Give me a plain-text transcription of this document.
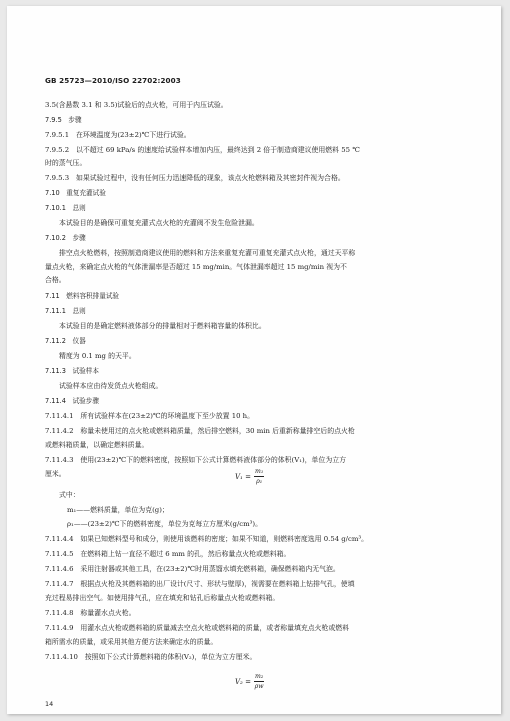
GB 25723—2010/ISO 22702:2003
3.5(含悬数 3.1 和 3.5)试验后的点火枪，可用于内压试验。
7.9.5　步骤
7.9.5.1　在环境温度为(23±2)℃下进行试验。
7.9.5.2　以不超过 69 kPa/s 的速度给试验样本增加内压，最终达到 2 倍于制造商建议使用燃料 55 ℃
时的蒸气压。
7.9.5.3　如果试验过程中，没有任何压力迅速降低的现象，该点火枪燃料箱及其密封件视为合格。
7.10　重复充灌试验
7.10.1　总则
本试验目的是确保可重复充灌式点火枪的充灌阀不发生危险泄漏。
7.10.2　步骤
排空点火枪燃料，按照制造商建议使用的燃料和方法来重复充灌可重复充灌式点火枪，通过天平称
量点火枪，来确定点火枪的气体泄漏率是否超过 15 mg/min。气体泄漏率超过 15 mg/min 视为不
合格。
7.11　燃料容积排量试验
7.11.1　总则
本试验目的是确定燃料液体部分的排量相对于燃料箱容量的体积比。
7.11.2　仪器
精度为 0.1 mg 的天平。
7.11.3　试验样本
试验样本应由待发货点火枪组成。
7.11.4　试验步骤
7.11.4.1　所有试验样本在(23±2)℃的环境温度下至少放置 10 h。
7.11.4.2　称量未使用过的点火枪或燃料箱质量，然后排空燃料，30 min 后重新称量排空后的点火枪
或燃料箱质量，以确定燃料质量。
7.11.4.3　使用(23±2)℃下的燃料密度，按照如下公式计算燃料液体部分的体积(V₁)，单位为立方
厘米。	$V_1 = \frac{\text{m₁}}{\text{ρ₁}}$
式中：
m₁——燃料质量，单位为克(g)；
ρ₁——(23±2)℃下的燃料密度，单位为克每立方厘米(g/cm³)。
7.11.4.4　如果已知燃料型号和成分，则使用该燃料的密度；如果不知道，则燃料密度选用 0.54 g/cm³。
7.11.4.5　在燃料箱上钻一直径不超过 6 mm 的孔，然后称量点火枪或燃料箱。
7.11.4.6　采用注射器或其他工具，在(23±2)℃时用蒸馏水填充燃料箱，确保燃料箱内无气泡。
7.11.4.7　根据点火枪及其燃料箱的出厂设计(尺寸、形状与壁厚)，视需要在燃料箱上钻排气孔，使填
充过程易排出空气。如使用排气孔，应在填充和钻孔后称量点火枪或燃料箱。
7.11.4.8　称量灌水点火枪。
7.11.4.9　用灌水点火枪或燃料箱的质量减去空点火枪或燃料箱的质量，或者称量填充点火枪或燃料
箱所需水的质量，或采用其他方便方法来确定水的质量。
7.11.4.10　按照如下公式计算燃料箱的体积(V₂)，单位为立方厘米。
$V_2 = \frac{\text{m₂}}{\rho w}$
14
